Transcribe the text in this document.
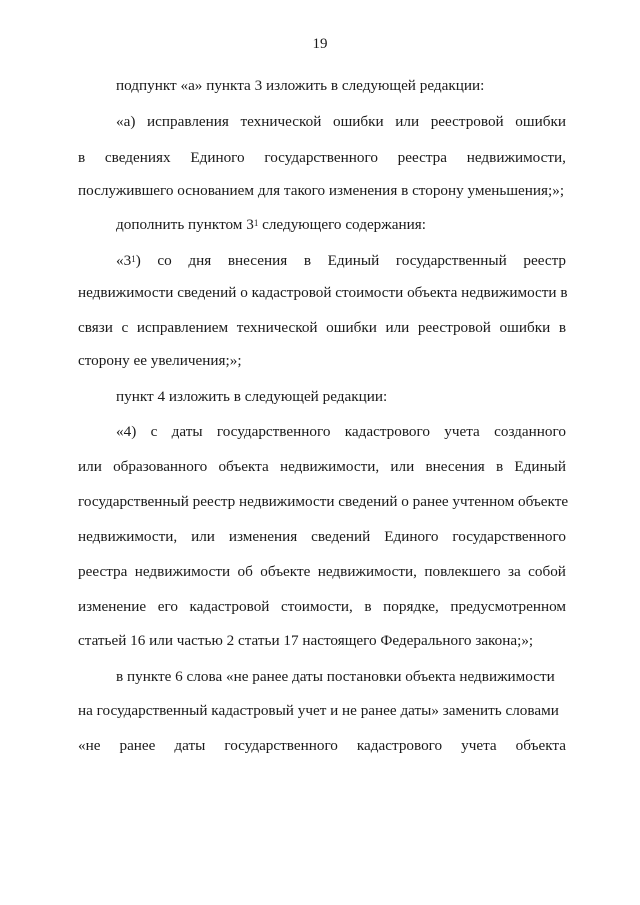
19
подпункт «а» пункта 3 изложить в следующей редакции:
«а) исправления технической ошибки или реестровой ошибки
в сведениях Единого государственного реестра недвижимости,
послужившего основанием для такого изменения в сторону уменьшения;»;
дополнить пунктом $3^1$ следующего содержания:
«$3^1$) со дня внесения в Единый государственный реестр
недвижимости сведений о кадастровой стоимости объекта недвижимости в
связи с исправлением технической ошибки или реестровой ошибки в
сторону ее увеличения;»;
пункт 4 изложить в следующей редакции:
«4) с даты государственного кадастрового учета созданного
или образованного объекта недвижимости, или внесения в Единый
государственный реестр недвижимости сведений о ранее учтенном объекте
недвижимости, или изменения сведений Единого государственного
реестра недвижимости об объекте недвижимости, повлекшего за собой
изменение его кадастровой стоимости, в порядке, предусмотренном
статьей 16 или частью 2 статьи 17 настоящего Федерального закона;»;
в пункте 6 слова «не ранее даты постановки объекта недвижимости
на государственный кадастровый учет и не ранее даты» заменить словами
«не ранее даты государственного кадастрового учета объекта
